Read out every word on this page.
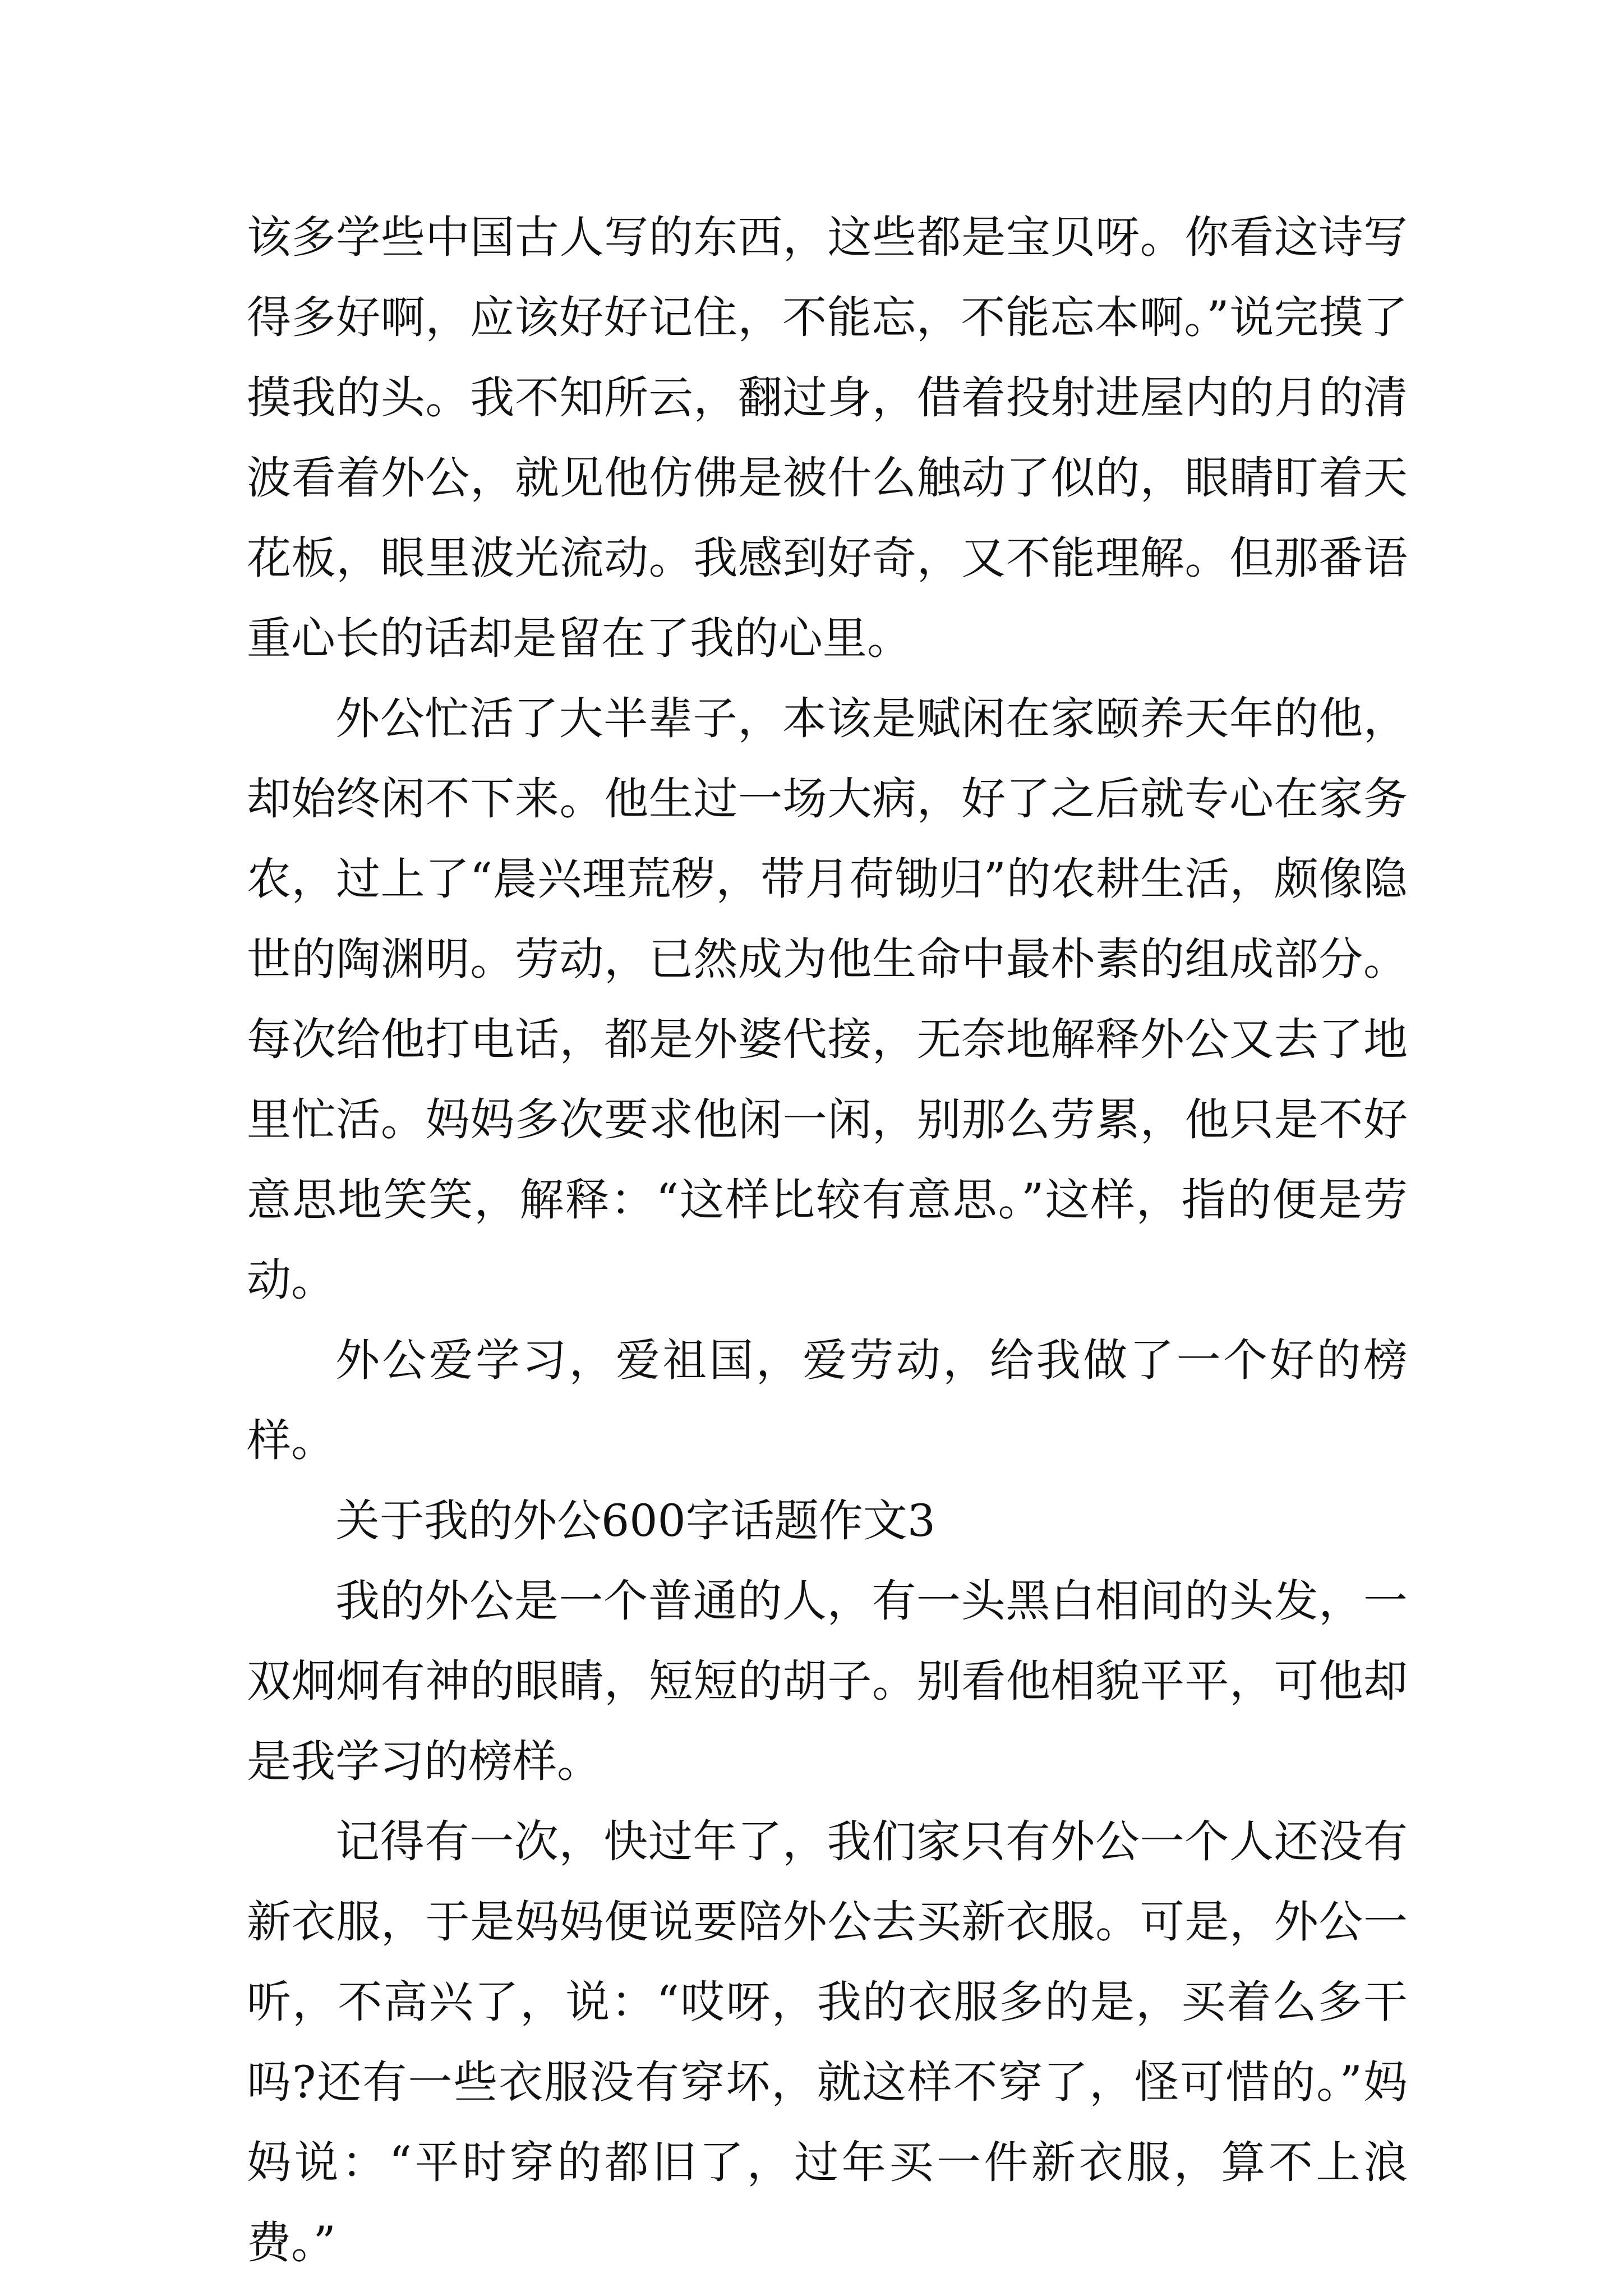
该多学些中国古人写的东西，这些都是宝贝呀。你看这诗写得多好啊，应该好好记住，不能忘，不能忘本啊。”说完摸了摸我的头。我不知所云，翻过身，借着投射进屋内的月的清波看着外公，就见他仿佛是被什么触动了似的，眼睛盯着天花板，眼里波光流动。我感到好奇，又不能理解。但那番语重心长的话却是留在了我的心里。

外公忙活了大半辈子，本该是赋闲在家颐养天年的他，却始终闲不下来。他生过一场大病，好了之后就专心在家务农，过上了“晨兴理荒秽，带月荷锄归”的农耕生活，颇像隐世的陶渊明。劳动，已然成为他生命中最朴素的组成部分。每次给他打电话，都是外婆代接，无奈地解释外公又去了地里忙活。妈妈多次要求他闲一闲，别那么劳累，他只是不好意思地笑笑，解释：“这样比较有意思。”这样，指的便是劳动。

外公爱学习，爱祖国，爱劳动，给我做了一个好的榜样。

关于我的外公600字话题作文3

我的外公是一个普通的人，有一头黑白相间的头发，一双炯炯有神的眼睛，短短的胡子。别看他相貌平平，可他却是我学习的榜样。

记得有一次，快过年了，我们家只有外公一个人还没有新衣服，于是妈妈便说要陪外公去买新衣服。可是，外公一听，不高兴了，说：“哎呀，我的衣服多的是，买着么多干吗?还有一些衣服没有穿坏，就这样不穿了，怪可惜的。”妈妈说：“平时穿的都旧了，过年买一件新衣服，算不上浪费。”
